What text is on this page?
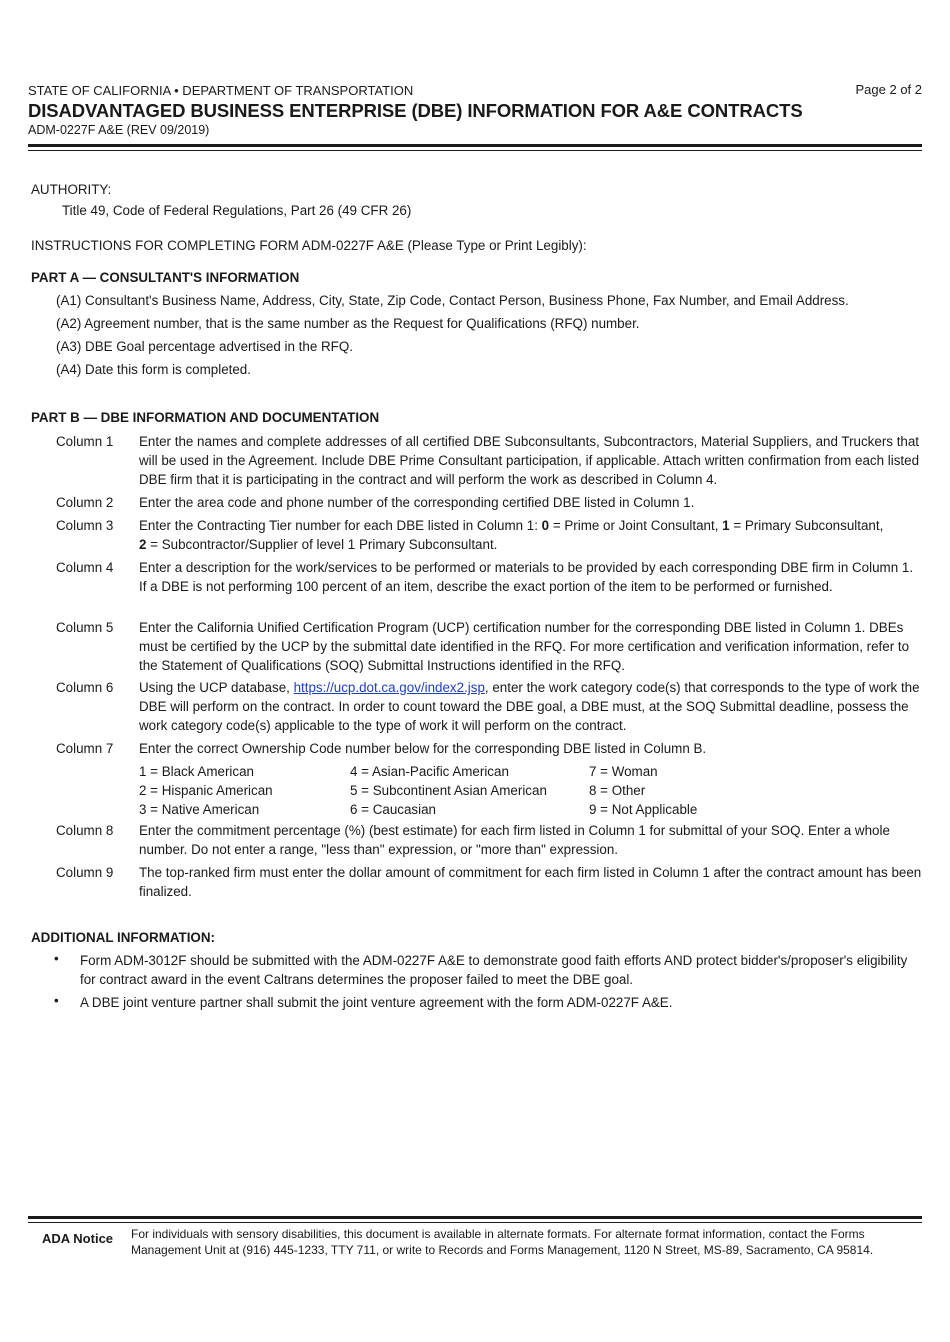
STATE OF CALIFORNIA • DEPARTMENT OF TRANSPORTATION	Page 2 of 2
DISADVANTAGED BUSINESS ENTERPRISE (DBE) INFORMATION FOR A&E CONTRACTS
ADM-0227F A&E (REV 09/2019)
AUTHORITY:
Title 49, Code of Federal Regulations, Part 26 (49 CFR 26)
INSTRUCTIONS FOR COMPLETING FORM ADM-0227F A&E (Please Type or Print Legibly):
PART A — CONSULTANT'S INFORMATION
(A1) Consultant's Business Name, Address, City, State, Zip Code, Contact Person, Business Phone, Fax Number, and Email Address.
(A2) Agreement number, that is the same number as the Request for Qualifications (RFQ) number.
(A3) DBE Goal percentage advertised in the RFQ.
(A4) Date this form is completed.
PART B — DBE INFORMATION AND DOCUMENTATION
Column 1 Enter the names and complete addresses of all certified DBE Subconsultants, Subcontractors, Material Suppliers, and Truckers that will be used in the Agreement. Include DBE Prime Consultant participation, if applicable. Attach written confirmation from each listed DBE firm that it is participating in the contract and will perform the work as described in Column 4.
Column 2 Enter the area code and phone number of the corresponding certified DBE listed in Column 1.
Column 3 Enter the Contracting Tier number for each DBE listed in Column 1: 0 = Prime or Joint Consultant, 1 = Primary Subconsultant,
2 = Subcontractor/Supplier of level 1 Primary Subconsultant.
Column 4 Enter a description for the work/services to be performed or materials to be provided by each corresponding DBE firm in Column 1. If a DBE is not performing 100 percent of an item, describe the exact portion of the item to be performed or furnished.
Column 5 Enter the California Unified Certification Program (UCP) certification number for the corresponding DBE listed in Column 1. DBEs must be certified by the UCP by the submittal date identified in the RFQ. For more certification and verification information, refer to the Statement of Qualifications (SOQ) Submittal Instructions identified in the RFQ.
Column 6 Using the UCP database, https://ucp.dot.ca.gov/index2.jsp, enter the work category code(s) that corresponds to the type of work the DBE will perform on the contract. In order to count toward the DBE goal, a DBE must, at the SOQ Submittal deadline, possess the work category code(s) applicable to the type of work it will perform on the contract.
Column 7 Enter the correct Ownership Code number below for the corresponding DBE listed in Column B.
1 = Black American	4 = Asian-Pacific American	7 = Woman
2 = Hispanic American	5 = Subcontinent Asian American	8 = Other
3 = Native American	6 = Caucasian	9 = Not Applicable
Column 8 Enter the commitment percentage (%) (best estimate) for each firm listed in Column 1 for submittal of your SOQ. Enter a whole number. Do not enter a range, "less than" expression, or "more than" expression.
Column 9 The top-ranked firm must enter the dollar amount of commitment for each firm listed in Column 1 after the contract amount has been finalized.
ADDITIONAL INFORMATION:
• Form ADM-3012F should be submitted with the ADM-0227F A&E to demonstrate good faith efforts AND protect bidder's/proposer's eligibility for contract award in the event Caltrans determines the proposer failed to meet the DBE goal.
• A DBE joint venture partner shall submit the joint venture agreement with the form ADM-0227F A&E.
ADA Notice For individuals with sensory disabilities, this document is available in alternate formats. For alternate format information, contact the Forms Management Unit at (916) 445-1233, TTY 711, or write to Records and Forms Management, 1120 N Street, MS-89, Sacramento, CA 95814.
